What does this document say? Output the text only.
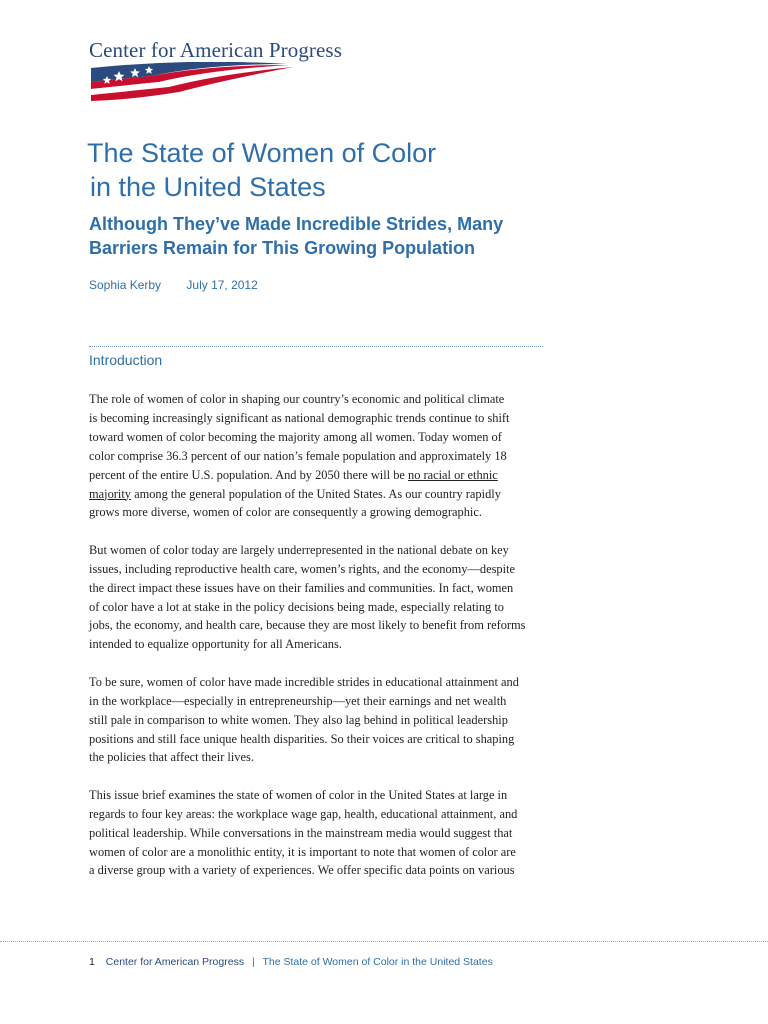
Center for American Progress
The State of Women of Color
in the United States
Although They’ve Made Incredible Strides, Many
Barriers Remain for This Growing Population
Sophia Kerby July 17, 2012
Introduction

The role of women of color in shaping our country’s economic and political climate
is becoming increasingly significant as national demographic trends continue to shift
toward women of color becoming the majority among all women. Today women of
color comprise 36.3 percent of our nation’s female population and approximately 18
percent of the entire U.S. population. And by 2050 there will be no racial or ethnic
majority among the general population of the United States. As our country rapidly
grows more diverse, women of color are consequently a growing demographic.

But women of color today are largely underrepresented in the national debate on key
issues, including reproductive health care, women’s rights, and the economy—despite
the direct impact these issues have on their families and communities. In fact, women
of color have a lot at stake in the policy decisions being made, especially relating to
jobs, the economy, and health care, because they are most likely to benefit from reforms
intended to equalize opportunity for all Americans.

To be sure, women of color have made incredible strides in educational attainment and
in the workplace—especially in entrepreneurship—yet their earnings and net wealth
still pale in comparison to white women. They also lag behind in political leadership
positions and still face unique health disparities. So their voices are critical to shaping
the policies that affect their lives.

This issue brief examines the state of women of color in the United States at large in
regards to four key areas: the workplace wage gap, health, educational attainment, and
political leadership. While conversations in the mainstream media would suggest that
women of color are a monolithic entity, it is important to note that women of color are
a diverse group with a variety of experiences. We offer specific data points on various

1 Center for American Progress | The State of Women of Color in the United States
